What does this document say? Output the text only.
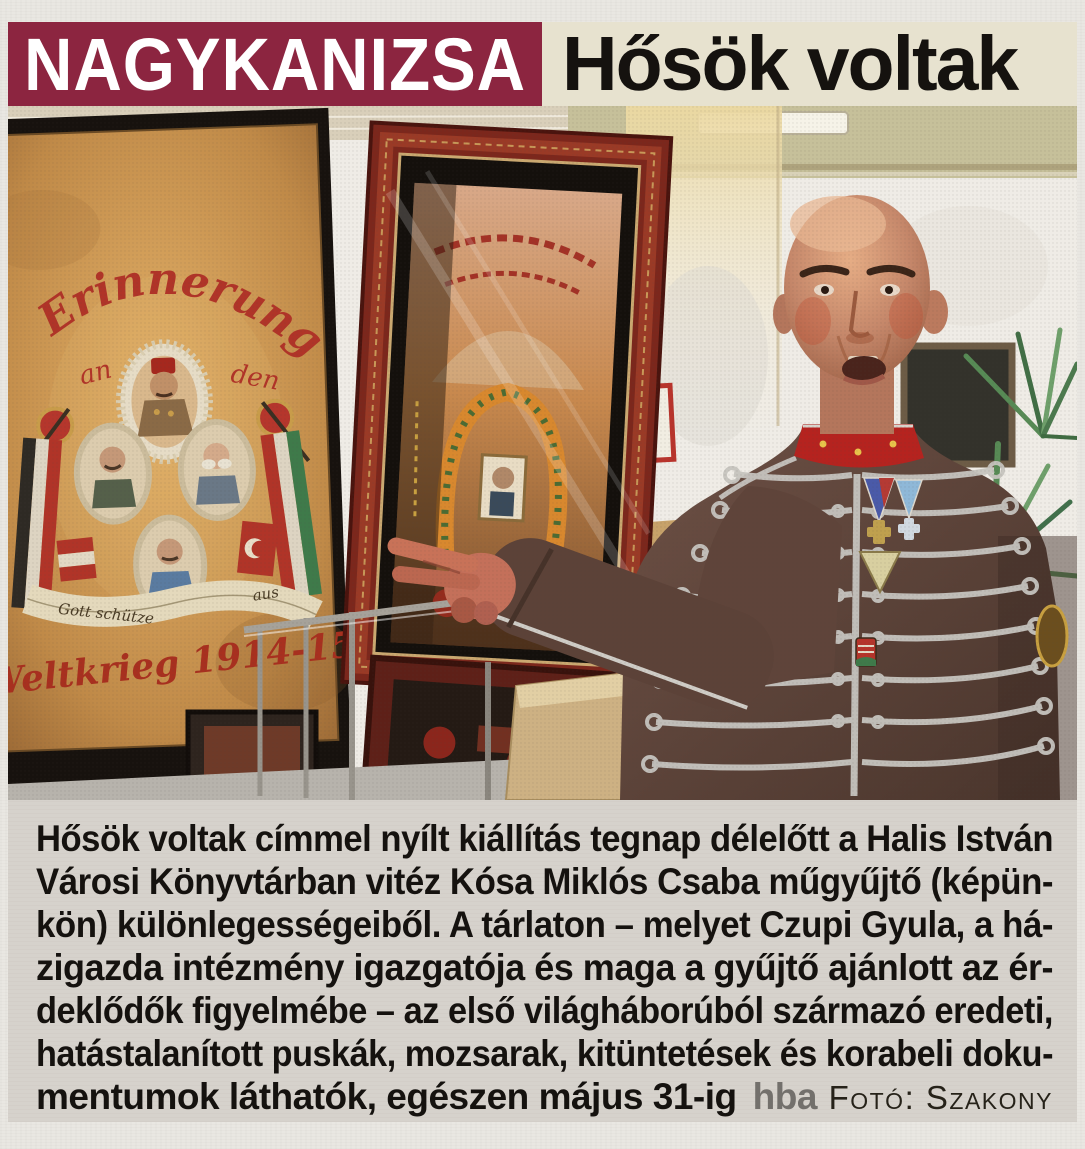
NAGYKANIZSA Hősök voltak
Hősök voltak címmel nyílt kiállítás tegnap délelőtt a Halis István
Városi Könyvtárban vitéz Kósa Miklós Csaba műgyűjtő (képün-
kön) különlegességeiből. A tárlaton – melyet Czupi Gyula, a há-
zigazda intézmény igazgatója és maga a gyűjtő ajánlott az ér-
deklődők figyelmébe – az első világháborúból származó eredeti,
hatástalanított puskák, mozsarak, kitüntetések és korabeli doku-
mentumok láthatók, egészen május 31-ig hba Fotó: Szakony
